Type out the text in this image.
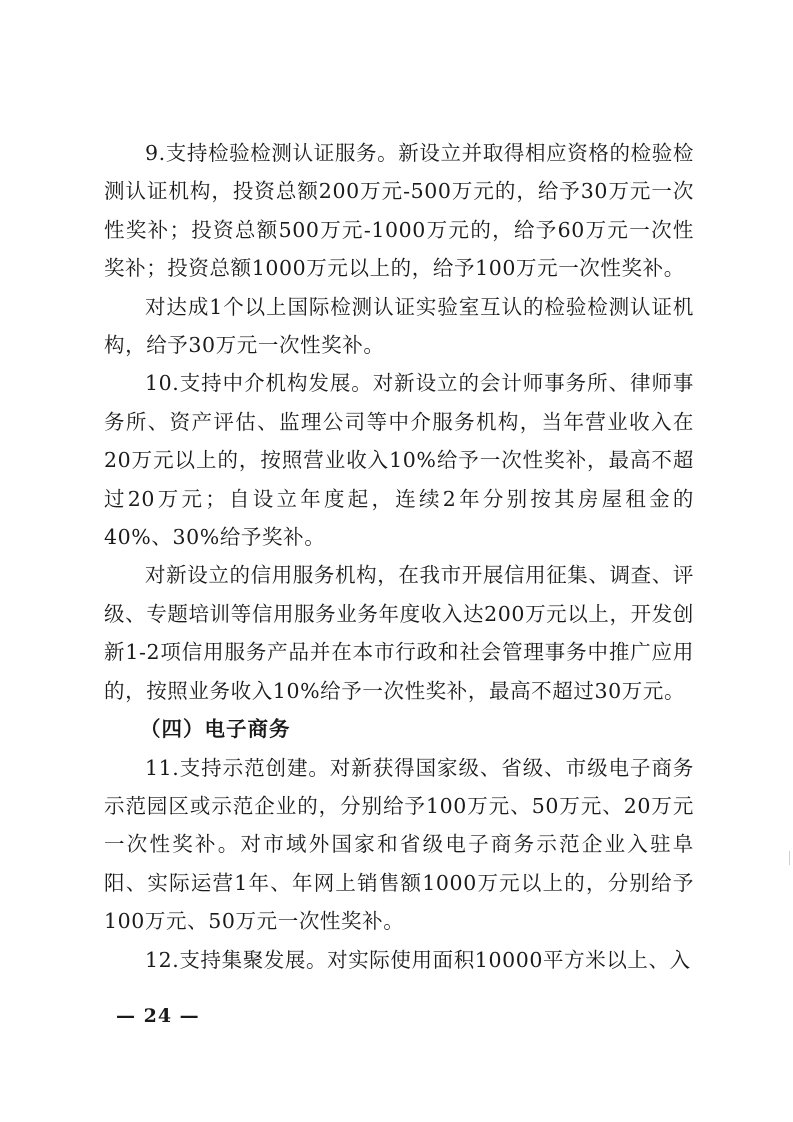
9.支持检验检测认证服务。新设立并取得相应资格的检验检测认证机构，投资总额200万元-500万元的，给予30万元一次性奖补；投资总额500万元-1000万元的，给予60万元一次性奖补；投资总额1000万元以上的，给予100万元一次性奖补。

对达成1个以上国际检测认证实验室互认的检验检测认证机构，给予30万元一次性奖补。

10.支持中介机构发展。对新设立的会计师事务所、律师事务所、资产评估、监理公司等中介服务机构，当年营业收入在20万元以上的，按照营业收入10%给予一次性奖补，最高不超过20万元；自设立年度起，连续2年分别按其房屋租金的40%、30%给予奖补。

对新设立的信用服务机构，在我市开展信用征集、调查、评级、专题培训等信用服务业务年度收入达200万元以上，开发创新1-2项信用服务产品并在本市行政和社会管理事务中推广应用的，按照业务收入10%给予一次性奖补，最高不超过30万元。

（四）电子商务

11.支持示范创建。对新获得国家级、省级、市级电子商务示范园区或示范企业的，分别给予100万元、50万元、20万元一次性奖补。对市域外国家和省级电子商务示范企业入驻阜阳、实际运营1年、年网上销售额1000万元以上的，分别给予100万元、50万元一次性奖补。

12.支持集聚发展。对实际使用面积10000平方米以上、入

— 24 —
